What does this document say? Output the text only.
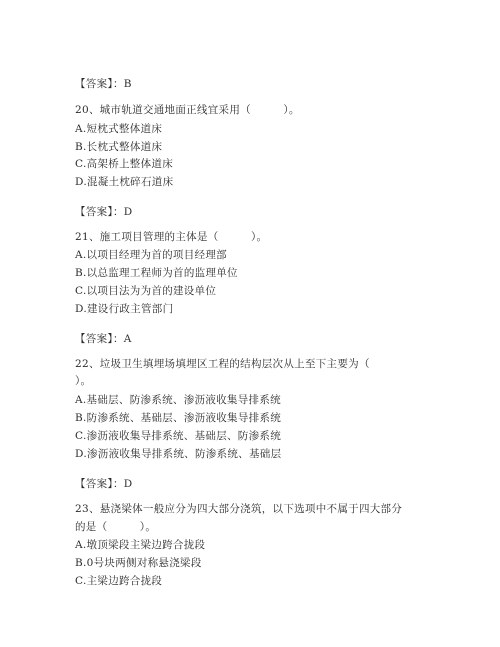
【答案】：B
20、城市轨道交通地面正线宜采用（　　　）。
A.短枕式整体道床
B.长枕式整体道床
C.高架桥上整体道床
D.混凝土枕碎石道床
【答案】：D
21、施工项目管理的主体是（　　　）。
A.以项目经理为首的项目经理部
B.以总监理工程师为首的监理单位
C.以项目法为为首的建设单位
D.建设行政主管部门
【答案】：A
22、垃圾卫生填埋场填埋区工程的结构层次从上至下主要为（
）。
A.基础层、防渗系统、渗沥液收集导排系统
B.防渗系统、基础层、渗沥液收集导排系统
C.渗沥液收集导排系统、基础层、防渗系统
D.渗沥液收集导排系统、防渗系统、基础层
【答案】：D
23、悬浇梁体一般应分为四大部分浇筑，以下选项中不属于四大部分
的是（　　　）。
A.墩顶梁段主梁边跨合拢段
B.0号块两侧对称悬浇梁段
C.主梁边跨合拢段
